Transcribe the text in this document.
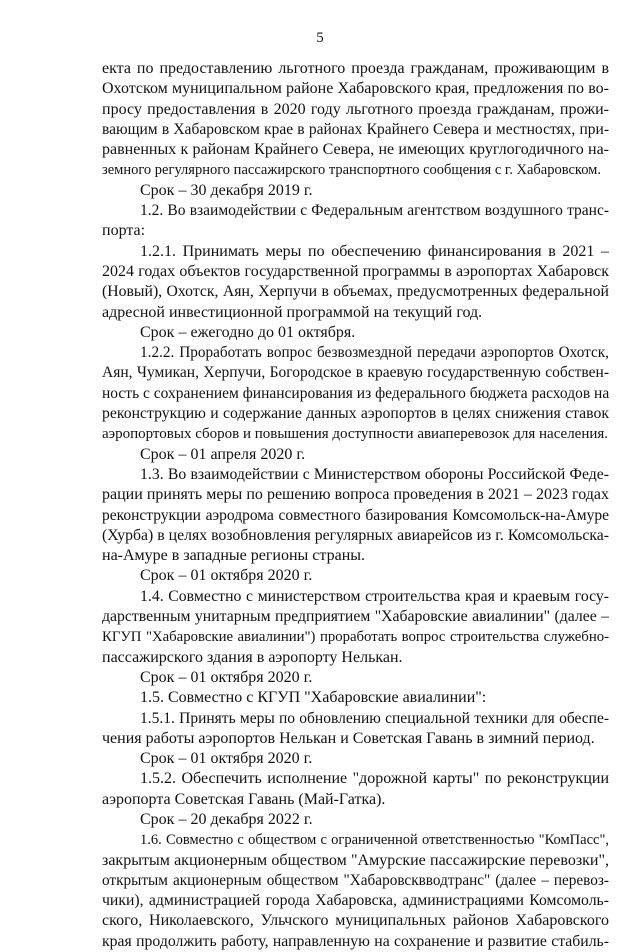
5

екта по предоставлению льготного проезда гражданам, проживающим в

Охотском муниципальном районе Хабаровского края, предложения по во-

просу предоставления в 2020 году льготного проезда гражданам, прожи-

вающим в Хабаровском крае в районах Крайнего Севера и местностях, при-

равненных к районам Крайнего Севера, не имеющих круглогодичного на-

земного регулярного пассажирского транспортного сообщения с г. Хабаровском.

Срок – 30 декабря 2019 г.

1.2. Во взаимодействии с Федеральным агентством воздушного транс-

порта:

1.2.1. Принимать меры по обеспечению финансирования в 2021 –

2024 годах объектов государственной программы в аэропортах Хабаровск

(Новый), Охотск, Аян, Херпучи в объемах, предусмотренных федеральной

адресной инвестиционной программой на текущий год.

Срок – ежегодно до 01 октября.

1.2.2. Проработать вопрос безвозмездной передачи аэропортов Охотск,

Аян, Чумикан, Херпучи, Богородское в краевую государственную собствен-

ность с сохранением финансирования из федерального бюджета расходов на

реконструкцию и содержание данных аэропортов в целях снижения ставок

аэропортовых сборов и повышения доступности авиаперевозок для населения.

Срок – 01 апреля 2020 г.

1.3. Во взаимодействии с Министерством обороны Российской Феде-

рации принять меры по решению вопроса проведения в 2021 – 2023 годах

реконструкции аэродрома совместного базирования Комсомольск-на-Амуре

(Хурба) в целях возобновления регулярных авиарейсов из г. Комсомольска-

на-Амуре в западные регионы страны.

Срок – 01 октября 2020 г.

1.4. Совместно с министерством строительства края и краевым госу-

дарственным унитарным предприятием "Хабаровские авиалинии" (далее –

КГУП "Хабаровские авиалинии") проработать вопрос строительства служебно-

пассажирского здания в аэропорту Нелькан.

Срок – 01 октября 2020 г.

1.5. Совместно с КГУП "Хабаровские авиалинии":

1.5.1. Принять меры по обновлению специальной техники для обеспе-

чения работы аэропортов Нелькан и Советская Гавань в зимний период.

Срок – 01 октября 2020 г.

1.5.2. Обеспечить исполнение "дорожной карты" по реконструкции

аэропорта Советская Гавань (Май-Гатка).

Срок – 20 декабря 2022 г.

1.6. Совместно с обществом с ограниченной ответственностью "КомПасс",

закрытым акционерным обществом "Амурские пассажирские перевозки",

открытым акционерным обществом "Хабаровсквводтранс" (далее – перевоз-

чики), администрацией города Хабаровска, администрациями Комсомоль-

ского, Николаевского, Ульчского муниципальных районов Хабаровского

края продолжить работу, направленную на сохранение и развитие стабиль-
